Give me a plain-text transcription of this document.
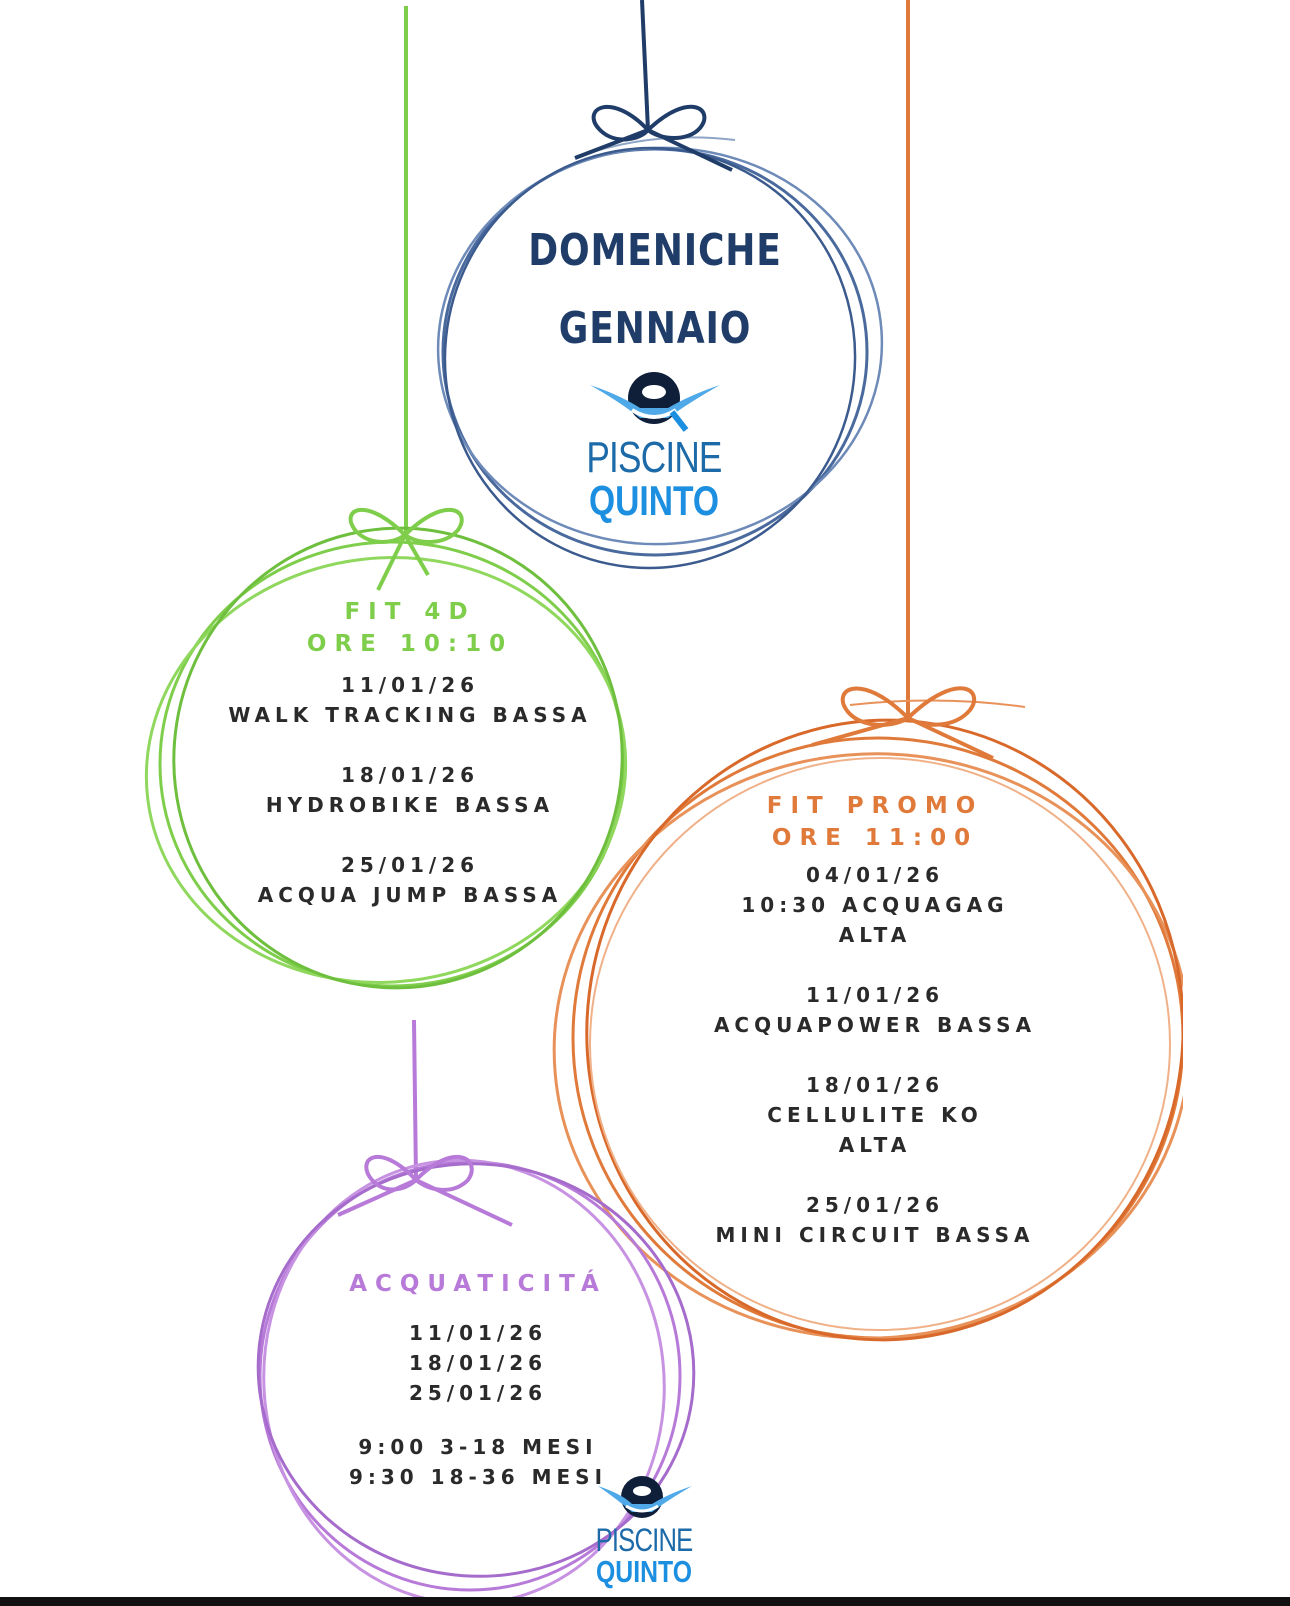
DOMENICHE
GENNAIO
PISCINE
QUINTO
FIT 4D
ORE 10:10
11/01/26
WALK TRACKING BASSA
18/01/26
HYDROBIKE BASSA
25/01/26
ACQUA JUMP BASSA
FIT PROMO
ORE 11:00
04/01/26
10:30 ACQUAGAG
ALTA
11/01/26
ACQUAPOWER BASSA
18/01/26
CELLULITE KO
ALTA
25/01/26
MINI CIRCUIT BASSA
ACQUATICITÁ
11/01/26
18/01/26
25/01/26
9:00 3-18 MESI
9:30 18-36 MESI
PISCINE
QUINTO
